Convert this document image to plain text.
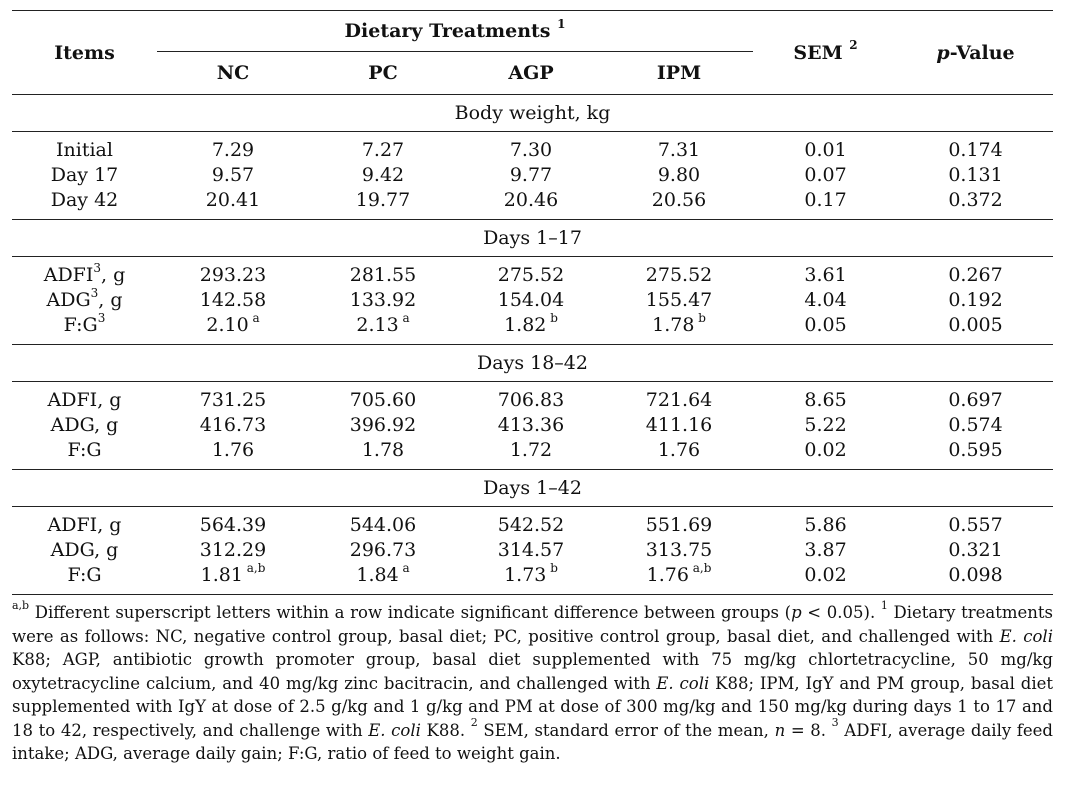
Items	Dietary Treatments $^1$				SEM $^2$	p-Value
	NC	PC	AGP	IPM		
Body weight, kg						
Initial	7.29	7.27	7.30	7.31	0.01	0.174
Day 17	9.57	9.42	9.77	9.80	0.07	0.131
Day 42	20.41	19.77	20.46	20.56	0.17	0.372
Days 1–17						
ADFI$^3$, g	293.23	281.55	275.52	275.52	3.61	0.267
ADG$^3$, g	142.58	133.92	154.04	155.47	4.04	0.192
$F:G^3$	2.10  $^a$	2.13  $^a$	1.82  $^b$	1.78  $^b$	0.05	0.005
Days 18–42						
ADFI, g	731.25	705.60	706.83	721.64	8.65	0.697
ADG, g	416.73	396.92	413.36	411.16	5.22	0.574
F:G	1.76	1.78	1.72	1.76	0.02	0.595
Days 1–42						
ADFI, g	564.39	544.06	542.52	551.69	5.86	0.557
ADG, g	312.29	296.73	314.57	313.75	3.87	0.321
F:G	1.81  $^{a,b}$	1.84  $^a$	1.73  $^b$	1.76  $^{a,b}$	0.02	0.098
$^{a,b}$ Different superscript letters within a row indicate significant difference between groups (p < 0.05). $^1$ Dietary treatments were as follows: NC, negative control group, basal diet; PC, positive control group, basal diet, and challenged with E. coli K88; AGP, antibiotic growth promoter group, basal diet supplemented with 75 mg/kg chlortetracycline, 50 mg/kg oxytetracycline calcium, and 40 mg/kg zinc bacitracin, and challenged with E. coli K88; IPM, IgY and PM group, basal diet supplemented with IgY at dose of 2.5 g/kg and 1 g/kg and PM at dose of 300 mg/kg and 150 mg/kg during days 1 to 17 and 18 to 42, respectively, and challenge with E. coli K88. $^2$ SEM, standard error of the mean, n = 8. $^3$ ADFI, average daily feed intake; ADG, average daily gain; F:G, ratio of feed to weight gain.
